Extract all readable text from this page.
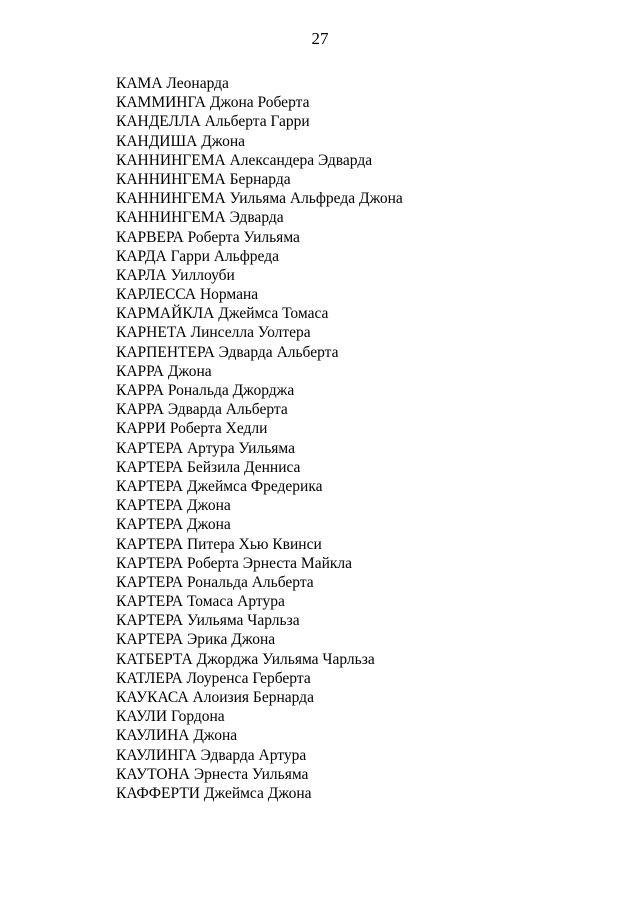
27
КАМА Леонарда
КАММИНГА Джона Роберта
КАНДЕЛЛА Альберта Гарри
КАНДИША Джона
КАННИНГЕМА Александера Эдварда
КАННИНГЕМА Бернарда
КАННИНГЕМА Уильяма Альфреда Джона
КАННИНГЕМА Эдварда
КАРВЕРА Роберта Уильяма
КАРДА Гарри Альфреда
КАРЛА Уиллоуби
КАРЛЕССА Нормана
КАРМАЙКЛА Джеймса Томаса
КАРНЕТА Линселла Уолтера
КАРПЕНТЕРА Эдварда Альберта
КАРРА Джона
КАРРА Рональда Джорджа
КАРРА Эдварда Альберта
КАРРИ Роберта Хедли
КАРТЕРА Артура Уильяма
КАРТЕРА Бейзила Денниса
КАРТЕРА Джеймса Фредерика
КАРТЕРА Джона
КАРТЕРА Джона
КАРТЕРА Питера Хью Квинси
КАРТЕРА Роберта Эрнеста Майкла
КАРТЕРА Рональда Альберта
КАРТЕРА Томаса Артура
КАРТЕРА Уильяма Чарльза
КАРТЕРА Эрика Джона
КАТБЕРТА Джорджа Уильяма Чарльза
КАТЛЕРА Лоуренса Герберта
КАУКАСА Алоизия Бернарда
КАУЛИ Гордона
КАУЛИНА Джона
КАУЛИНГА Эдварда Артура
КАУТОНА Эрнеста Уильяма
КАФФЕРТИ Джеймса Джона
